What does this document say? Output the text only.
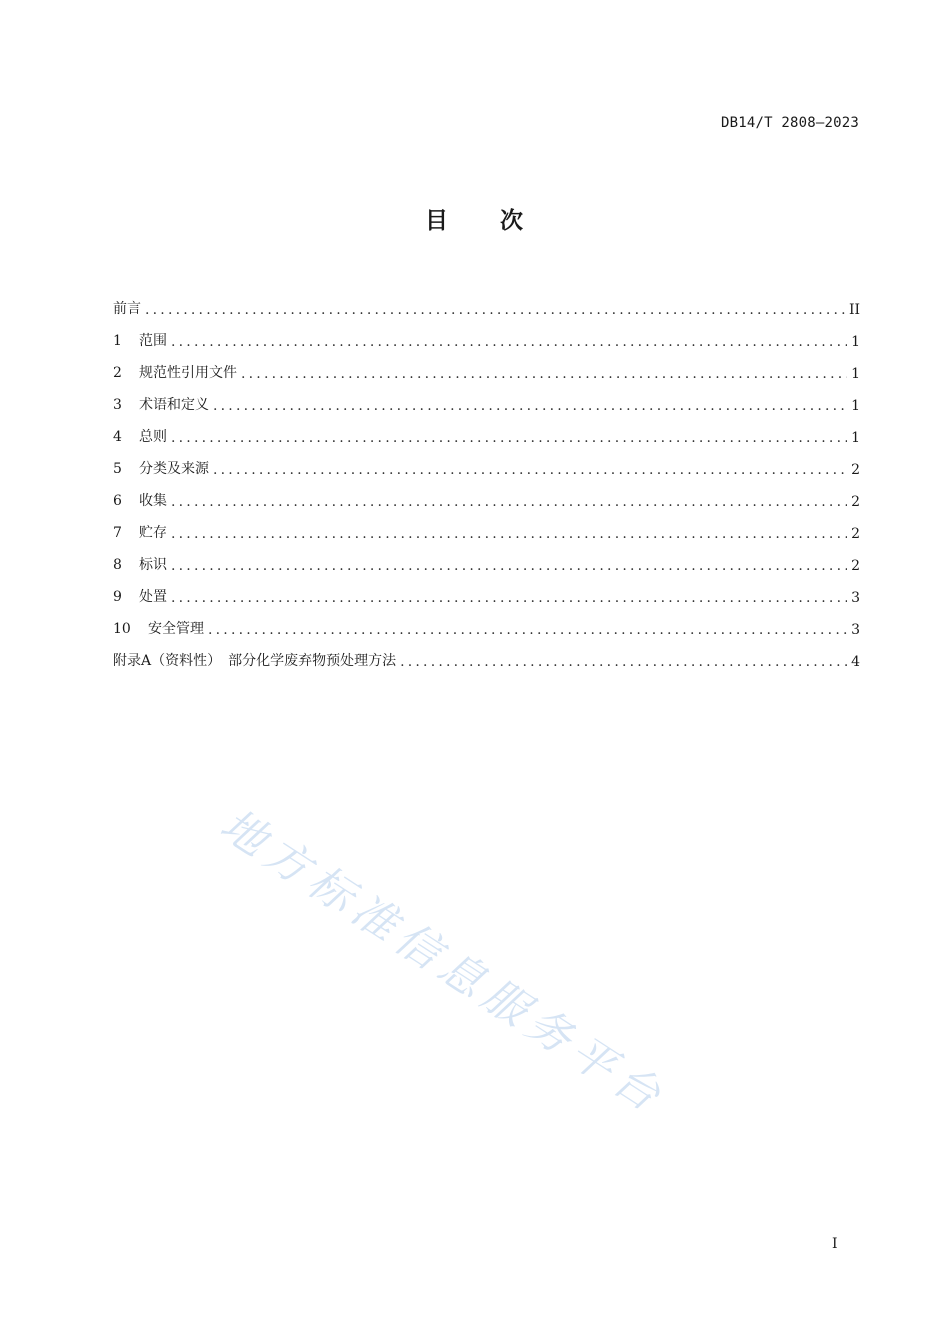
DB14/T 2808—2023
目 次
前言 .....	II
1 范围 .....	1
2 规范性引用文件 .....	1
3 术语和定义 .....	1
4 总则 .....	1
5 分类及来源 .....	2
6 收集 .....	2
7 贮存 .....	2
8 标识 .....	2
9 处置 .....	3
10 安全管理 .....	3
附录A（资料性）　部分化学废弃物预处理方法 .....	4
地方标准信息服务平台
I
